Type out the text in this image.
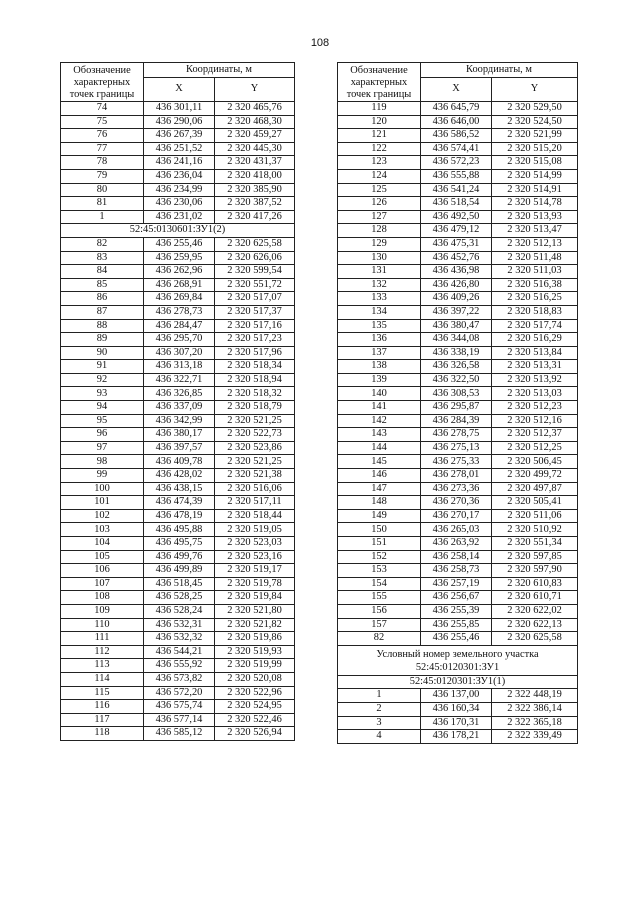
108
Обозначение характерных точек границы	Координаты, м	
	X	Y
74	436 301,11	2 320 465,76
75	436 290,06	2 320 468,30
76	436 267,39	2 320 459,27
77	436 251,52	2 320 445,30
78	436 241,16	2 320 431,37
79	436 236,04	2 320 418,00
80	436 234,99	2 320 385,90
81	436 230,06	2 320 387,52
1	436 231,02	2 320 417,26
52:45:0130601:ЗУ1(2)		
82	436 255,46	2 320 625,58
83	436 259,95	2 320 626,06
84	436 262,96	2 320 599,54
85	436 268,91	2 320 551,72
86	436 269,84	2 320 517,07
87	436 278,73	2 320 517,37
88	436 284,47	2 320 517,16
89	436 295,70	2 320 517,23
90	436 307,20	2 320 517,96
91	436 313,18	2 320 518,34
92	436 322,71	2 320 518,94
93	436 326,85	2 320 518,32
94	436 337,09	2 320 518,79
95	436 342,99	2 320 521,25
96	436 380,17	2 320 522,73
97	436 397,57	2 320 523,86
98	436 409,78	2 320 521,25
99	436 428,02	2 320 521,38
100	436 438,15	2 320 516,06
101	436 474,39	2 320 517,11
102	436 478,19	2 320 518,44
103	436 495,88	2 320 519,05
104	436 495,75	2 320 523,03
105	436 499,76	2 320 523,16
106	436 499,89	2 320 519,17
107	436 518,45	2 320 519,78
108	436 528,25	2 320 519,84
109	436 528,24	2 320 521,80
110	436 532,31	2 320 521,82
111	436 532,32	2 320 519,86
112	436 544,21	2 320 519,93
113	436 555,92	2 320 519,99
114	436 573,82	2 320 520,08
115	436 572,20	2 320 522,96
116	436 575,74	2 320 524,95
117	436 577,14	2 320 522,46
118	436 585,12	2 320 526,94
Обозначение характерных точек границы	Координаты, м	
	X	Y
119	436 645,79	2 320 529,50
120	436 646,00	2 320 524,50
121	436 586,52	2 320 521,99
122	436 574,41	2 320 515,20
123	436 572,23	2 320 515,08
124	436 555,88	2 320 514,99
125	436 541,24	2 320 514,91
126	436 518,54	2 320 514,78
127	436 492,50	2 320 513,93
128	436 479,12	2 320 513,47
129	436 475,31	2 320 512,13
130	436 452,76	2 320 511,48
131	436 436,98	2 320 511,03
132	436 426,80	2 320 516,38
133	436 409,26	2 320 516,25
134	436 397,22	2 320 518,83
135	436 380,47	2 320 517,74
136	436 344,08	2 320 516,29
137	436 338,19	2 320 513,84
138	436 326,58	2 320 513,31
139	436 322,50	2 320 513,92
140	436 308,53	2 320 513,03
141	436 295,87	2 320 512,23
142	436 284,39	2 320 512,16
143	436 278,75	2 320 512,37
144	436 275,13	2 320 512,25
145	436 275,33	2 320 506,45
146	436 278,01	2 320 499,72
147	436 273,36	2 320 497,87
148	436 270,36	2 320 505,41
149	436 270,17	2 320 511,06
150	436 265,03	2 320 510,92
151	436 263,92	2 320 551,34
152	436 258,14	2 320 597,85
153	436 258,73	2 320 597,90
154	436 257,19	2 320 610,83
155	436 256,67	2 320 610,71
156	436 255,39	2 320 622,02
157	436 255,85	2 320 622,13
82	436 255,46	2 320 625,58
Условный номер земельного участка 52:45:0120301:ЗУ1		
52:45:0120301:ЗУ1(1)		
1	436 137,00	2 322 448,19
2	436 160,34	2 322 386,14
3	436 170,31	2 322 365,18
4	436 178,21	2 322 339,49
